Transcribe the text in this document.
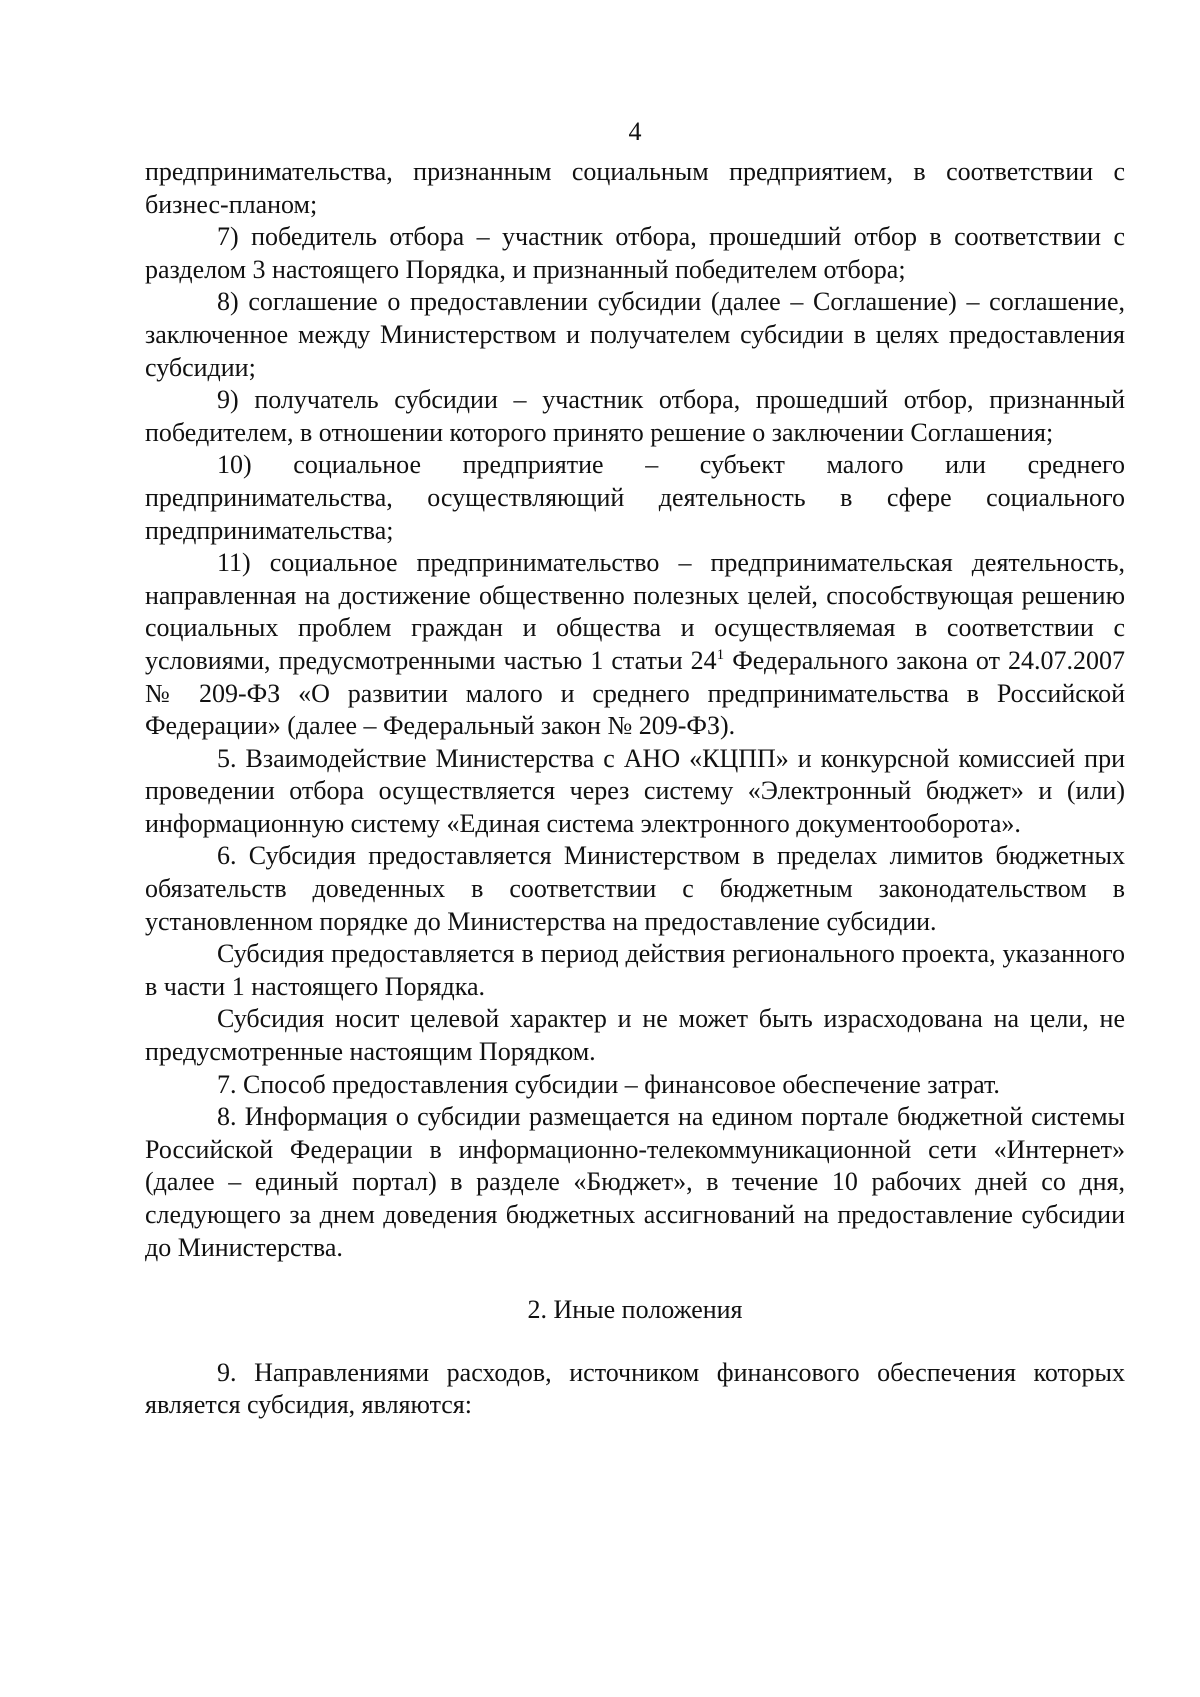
4

предпринимательства, признанным социальным предприятием, в соответствии с бизнес-планом;

7) победитель отбора – участник отбора, прошедший отбор в соответствии с разделом 3 настоящего Порядка, и признанный победителем отбора;

8) соглашение о предоставлении субсидии (далее – Соглашение) – соглашение, заключенное между Министерством и получателем субсидии в целях предоставления субсидии;

9) получатель субсидии – участник отбора, прошедший отбор, признанный победителем, в отношении которого принято решение о заключении Соглашения;

10) социальное предприятие – субъект малого или среднего предпринимательства, осуществляющий деятельность в сфере социального предпринимательства;

11) социальное предпринимательство – предпринимательская деятельность, направленная на достижение общественно полезных целей, способствующая решению социальных проблем граждан и общества и осуществляемая в соответствии с условиями, предусмотренными частью 1 статьи $24^1$ Федерального закона от 24.07.2007 № 209-ФЗ «О развитии малого и среднего предпринимательства в Российской Федерации» (далее – Федеральный закон № 209-ФЗ).

5. Взаимодействие Министерства с АНО «КЦПП» и конкурсной комиссией при проведении отбора осуществляется через систему «Электронный бюджет» и (или) информационную систему «Единая система электронного документооборота».

6. Субсидия предоставляется Министерством в пределах лимитов бюджетных обязательств доведенных в соответствии с бюджетным законодательством в установленном порядке до Министерства на предоставление субсидии.

Субсидия предоставляется в период действия регионального проекта, указанного в части 1 настоящего Порядка.

Субсидия носит целевой характер и не может быть израсходована на цели, не предусмотренные настоящим Порядком.

7. Способ предоставления субсидии – финансовое обеспечение затрат.

8. Информация о субсидии размещается на едином портале бюджетной системы Российской Федерации в информационно-телекоммуникационной сети «Интернет» (далее – единый портал) в разделе «Бюджет», в течение 10 рабочих дней со дня, следующего за днем доведения бюджетных ассигнований на предоставление субсидии до Министерства.

2. Иные положения

9. Направлениями расходов, источником финансового обеспечения которых является субсидия, являются:
